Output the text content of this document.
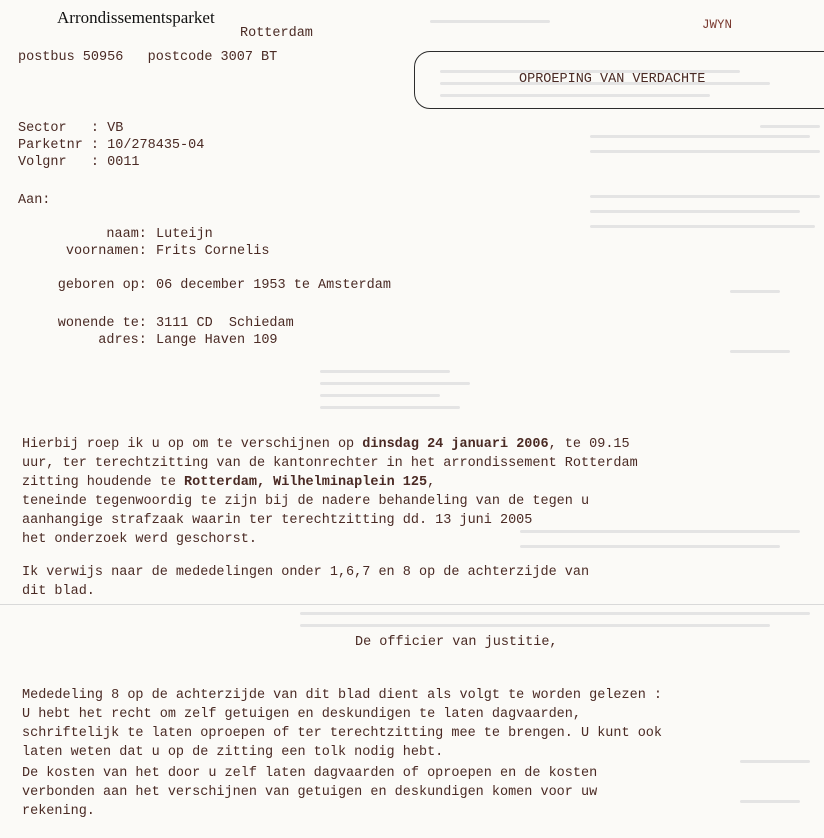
Arrondissementsparket
Rotterdam
postbus 50956   postcode 3007 BT
JWYN
OPROEPING VAN VERDACHTE
Sector   : VB
Parketnr : 10/278435-04
Volgnr   : 0011
Aan:
naam: Luteijn
voornamen: Frits Cornelis
geboren op: 06 december 1953 te Amsterdam
wonende te: 3111 CD  Schiedam
adres: Lange Haven 109
Hierbij roep ik u op om te verschijnen op dinsdag 24 januari 2006, te 09.15
uur, ter terechtzitting van de kantonrechter in het arrondissement Rotterdam
zitting houdende te Rotterdam, Wilhelminaplein 125,
teneinde tegenwoordig te zijn bij de nadere behandeling van de tegen u
aanhangige strafzaak waarin ter terechtzitting dd. 13 juni 2005
het onderzoek werd geschorst.
Ik verwijs naar de mededelingen onder 1,6,7 en 8 op de achterzijde van
dit blad.
De officier van justitie,
Mededeling 8 op de achterzijde van dit blad dient als volgt te worden gelezen :
U hebt het recht om zelf getuigen en deskundigen te laten dagvaarden,
schriftelijk te laten oproepen of ter terechtzitting mee te brengen. U kunt ook
laten weten dat u op de zitting een tolk nodig hebt.
De kosten van het door u zelf laten dagvaarden of oproepen en de kosten
verbonden aan het verschijnen van getuigen en deskundigen komen voor uw
rekening.
